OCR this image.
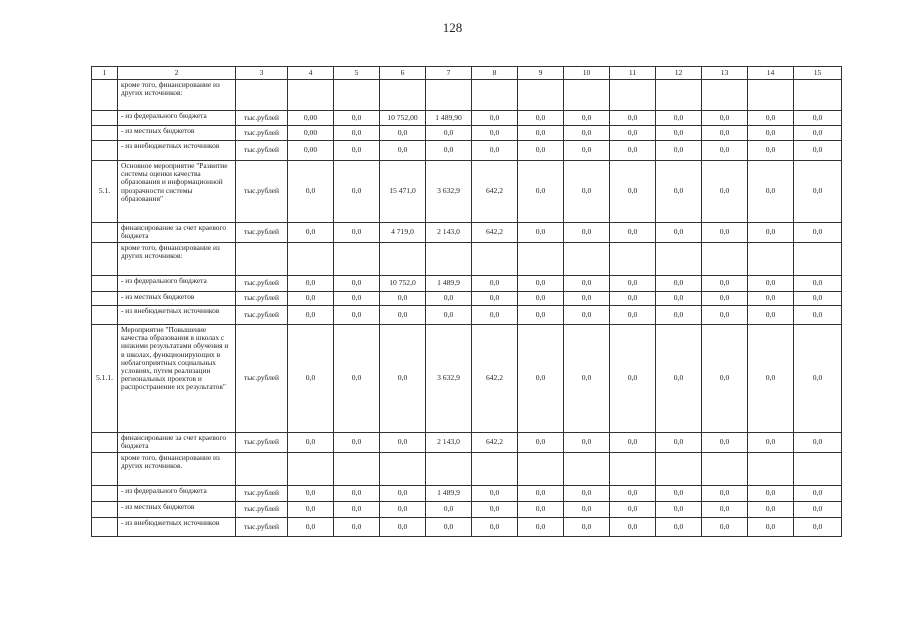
128
1	2	3	4	5	6	7	8	9	10	11	12	13	14	15
	кроме того, финансирование из других источников:													
	- из федерального бюджета	тыс.рублей	0,00	0,0	10 752,00	1 489,90	0,0	0,0	0,0	0,0	0,0	0,0	0,0	0,0
	- из местных бюджетов	тыс.рублей	0,00	0,0	0,0	0,0	0,0	0,0	0,0	0,0	0,0	0,0	0,0	0,0
	- из внебюджетных источников	тыс.рублей	0,00	0,0	0,0	0,0	0,0	0,0	0,0	0,0	0,0	0,0	0,0	0,0
5.1.	Основное мероприятие "Развитие системы оценки качества образования и информационной прозрачности системы образования"	тыс.рублей	0,0	0,0	15 471,0	3 632,9	642,2	0,0	0,0	0,0	0,0	0,0	0,0	0,0
	финансирование за счет краевого бюджета	тыс.рублей	0,0	0,0	4 719,0	2 143,0	642,2	0,0	0,0	0,0	0,0	0,0	0,0	0,0
	кроме того, финансирование из других источников:													
	- из федерального бюджета	тыс.рублей	0,0	0,0	10 752,0	1 489,9	0,0	0,0	0,0	0,0	0,0	0,0	0,0	0,0
	- из местных бюджетов	тыс.рублей	0,0	0,0	0,0	0,0	0,0	0,0	0,0	0,0	0,0	0,0	0,0	0,0
	- из внебюджетных источников	тыс.рублей	0,0	0,0	0,0	0,0	0,0	0,0	0,0	0,0	0,0	0,0	0,0	0,0
5.1.1.	Мероприятие "Повышение качества образования в школах с низкими результатами обучения и в школах, функционирующих в неблагоприятных социальных условиях, путем реализации региональных проектов и распространение их результатов"	тыс.рублей	0,0	0,0	0,0	3 632,9	642,2	0,0	0,0	0,0	0,0	0,0	0,0	0,0
	финансирование за счет краевого бюджета	тыс.рублей	0,0	0,0	0,0	2 143,0	642,2	0,0	0,0	0,0	0,0	0,0	0,0	0,0
	кроме того, финансирование из других источников.													
	- из федерального бюджета	тыс.рублей	0,0	0,0	0,0	1 489,9	0,0	0,0	0,0	0,0	0,0	0,0	0,0	0,0
	- из местных бюджетов	тыс.рублей	0,0	0,0	0,0	0,0	0,0	0,0	0,0	0,0	0,0	0,0	0,0	0,0
	- из внебюджетных источников	тыс.рублей	0,0	0,0	0,0	0,0	0,0	0,0	0,0	0,0	0,0	0,0	0,0	0,0
